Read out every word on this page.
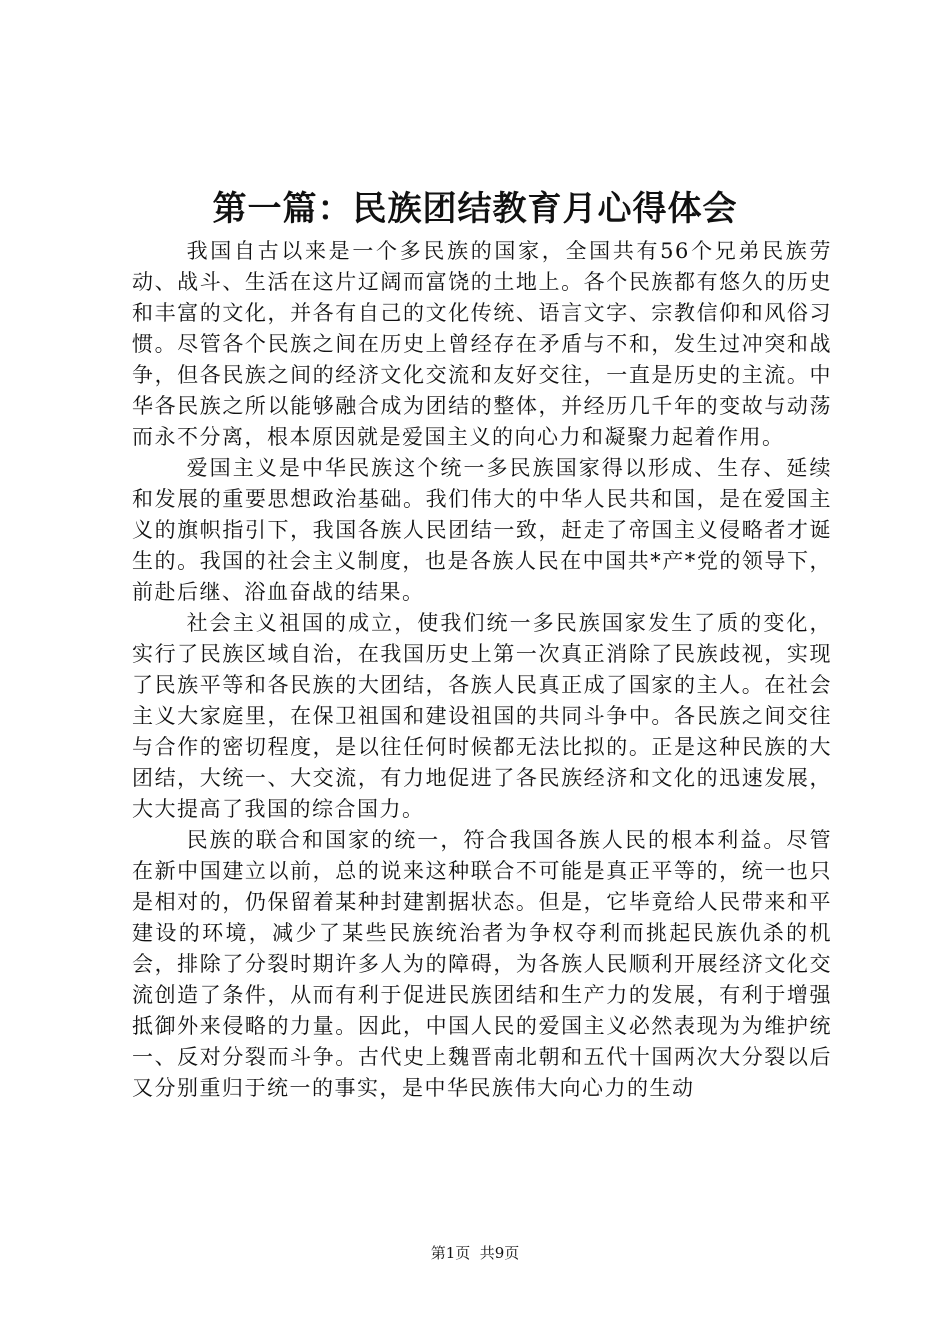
第一篇：民族团结教育月心得体会

我国自古以来是一个多民族的国家，全国共有56个兄弟民族劳动、战斗、生活在这片辽阔而富饶的土地上。各个民族都有悠久的历史和丰富的文化，并各有自己的文化传统、语言文字、宗教信仰和风俗习惯。尽管各个民族之间在历史上曾经存在矛盾与不和，发生过冲突和战争，但各民族之间的经济文化交流和友好交往，一直是历史的主流。中华各民族之所以能够融合成为团结的整体，并经历几千年的变故与动荡而永不分离，根本原因就是爱国主义的向心力和凝聚力起着作用。

爱国主义是中华民族这个统一多民族国家得以形成、生存、延续和发展的重要思想政治基础。我们伟大的中华人民共和国，是在爱国主义的旗帜指引下，我国各族人民团结一致，赶走了帝国主义侵略者才诞生的。我国的社会主义制度，也是各族人民在中国共*产*党的领导下，前赴后继、浴血奋战的结果。

社会主义祖国的成立，使我们统一多民族国家发生了质的变化，实行了民族区域自治，在我国历史上第一次真正消除了民族歧视，实现了民族平等和各民族的大团结，各族人民真正成了国家的主人。在社会主义大家庭里，在保卫祖国和建设祖国的共同斗争中。各民族之间交往与合作的密切程度，是以往任何时候都无法比拟的。正是这种民族的大团结，大统一、大交流，有力地促进了各民族经济和文化的迅速发展，大大提高了我国的综合国力。

民族的联合和国家的统一，符合我国各族人民的根本利益。尽管在新中国建立以前，总的说来这种联合不可能是真正平等的，统一也只是相对的，仍保留着某种封建割据状态。但是，它毕竟给人民带来和平建设的环境，减少了某些民族统治者为争权夺利而挑起民族仇杀的机会，排除了分裂时期许多人为的障碍，为各族人民顺利开展经济文化交流创造了条件，从而有利于促进民族团结和生产力的发展，有利于增强抵御外来侵略的力量。因此，中国人民的爱国主义必然表现为为维护统一、反对分裂而斗争。古代史上魏晋南北朝和五代十国两次大分裂以后又分别重归于统一的事实，是中华民族伟大向心力的生动

第1页  共9页
